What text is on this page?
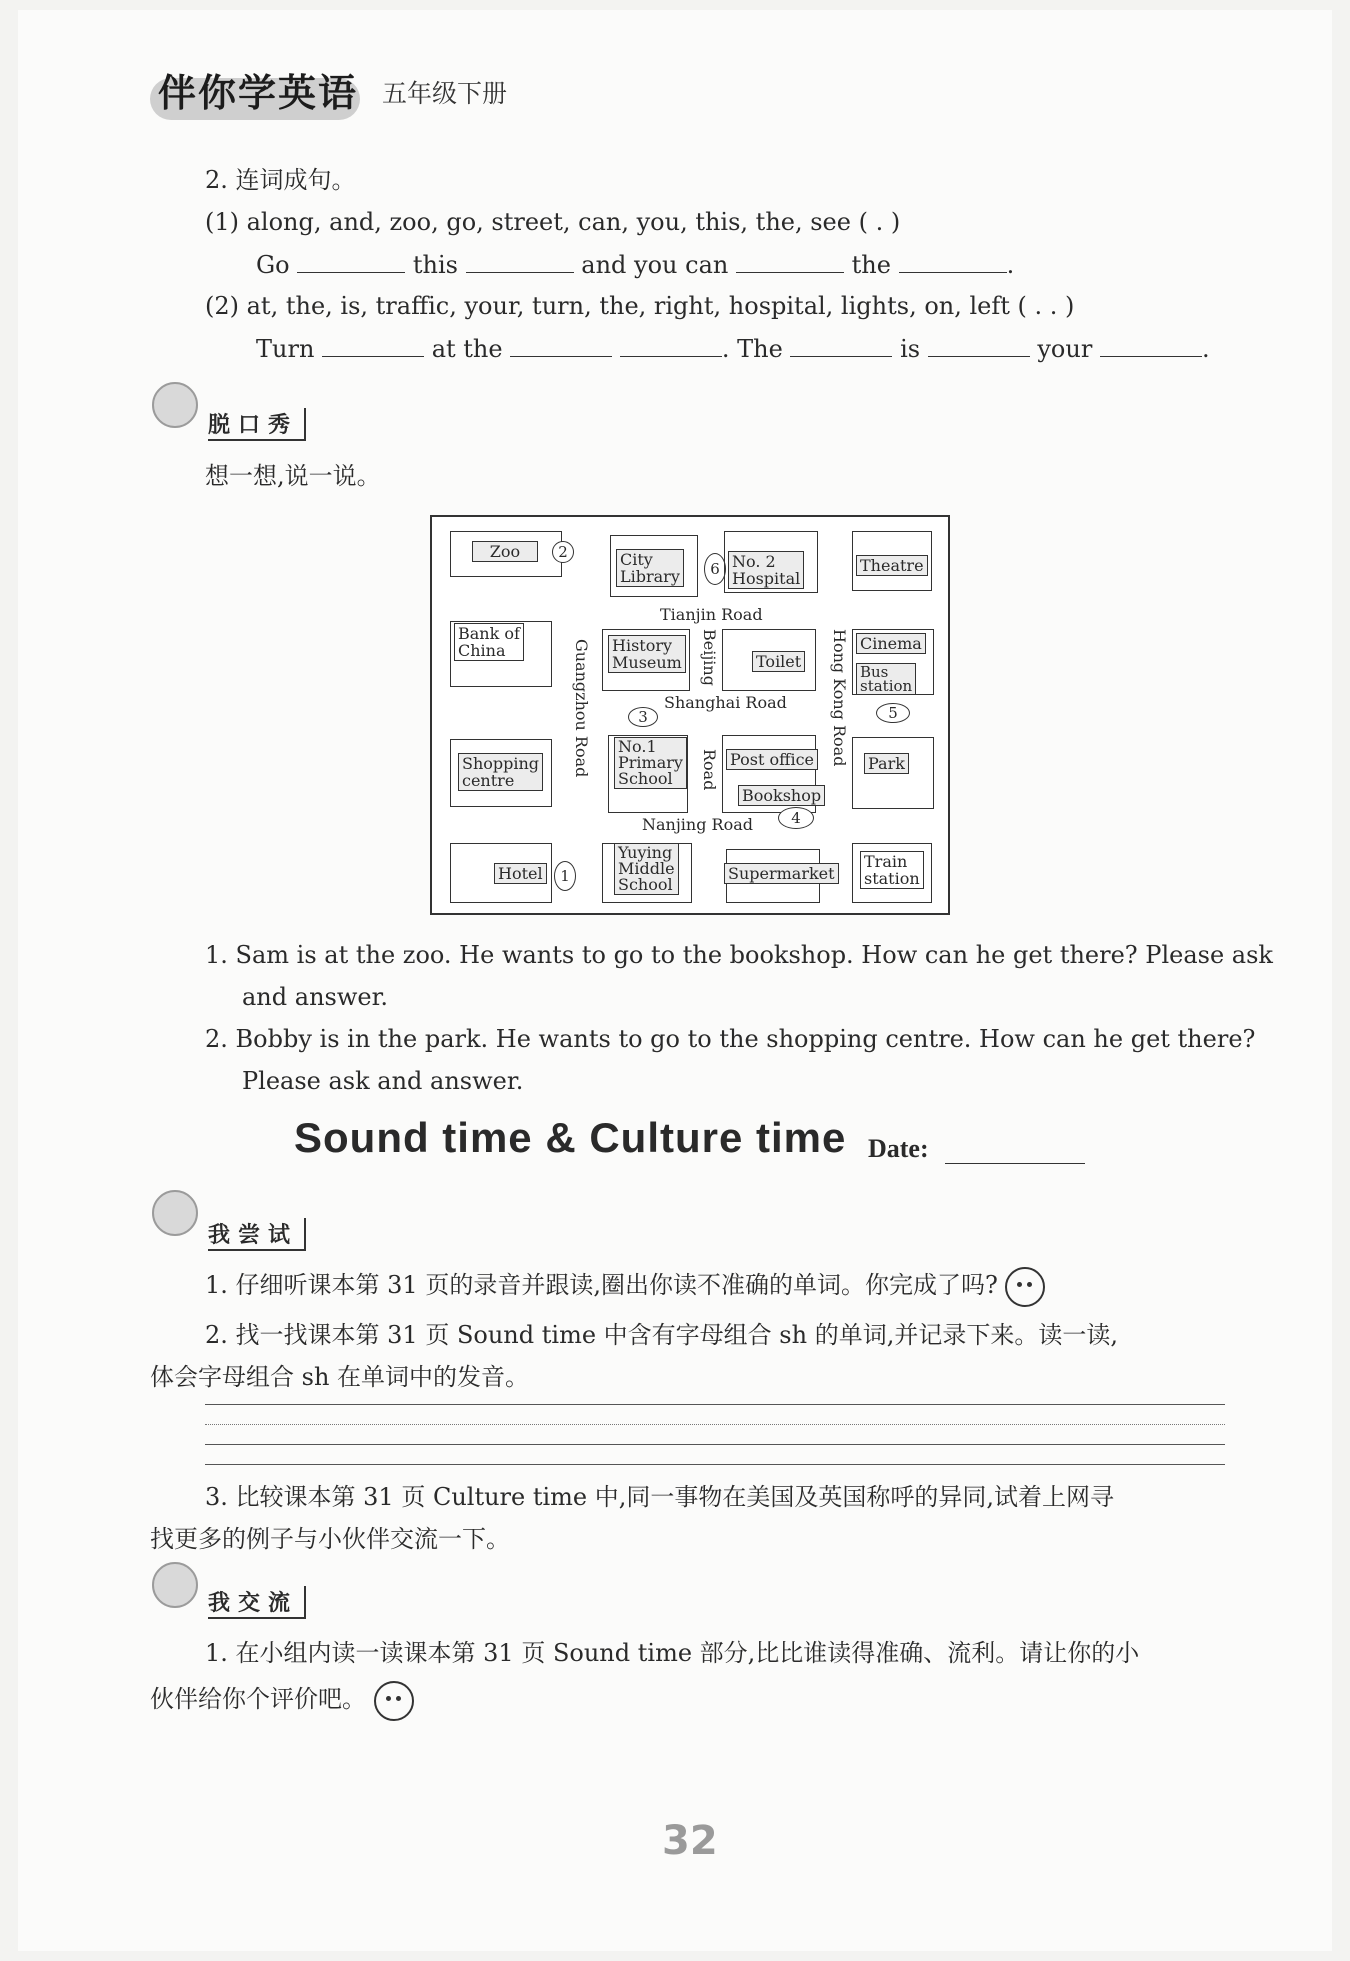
伴你学英语 五年级下册
2. 连词成句。
(1) along, and, zoo, go, street, can, you, this, the, see ( . )
Go	this	and you can	the	.
(2) at, the, is, traffic, your, turn, the, right, hospital, lights, on, left ( . . )
Turn	at the	. The	is	your	.
脱口秀
想一想,说一说。
Zoo	2	City
Library	6 No. 2
Hospital
Theatre
Tianjin Road
Bank of
China	History
Museum	Toilet
Cinema
Bus
station
Guangzhou Road	Beijing
Road
Hong Kong Road
Shanghai Road
3	5
Shopping
centre
No.1
Primary
School
Post office
Bookshop
Park
Nanjing Road	4
Hotel	1
Yuying
Middle
School
Supermarket
Train
station
1. Sam is at the zoo. He wants to go to the bookshop. How can he get there? Please ask
and answer.
2. Bobby is in the park. He wants to go to the shopping centre. How can he get there?
Please ask and answer.
Sound time & Culture time Date:
我尝试
1. 仔细听课本第 31 页的录音并跟读,圈出你读不准确的单词。你完成了吗?
2. 找一找课本第 31 页 Sound time 中含有字母组合 sh 的单词,并记录下来。读一读,
体会字母组合 sh 在单词中的发音。
3. 比较课本第 31 页 Culture time 中,同一事物在美国及英国称呼的异同,试着上网寻
找更多的例子与小伙伴交流一下。
我交流
1. 在小组内读一读课本第 31 页 Sound time 部分,比比谁读得准确、流利。请让你的小
伙伴给你个评价吧。
32
